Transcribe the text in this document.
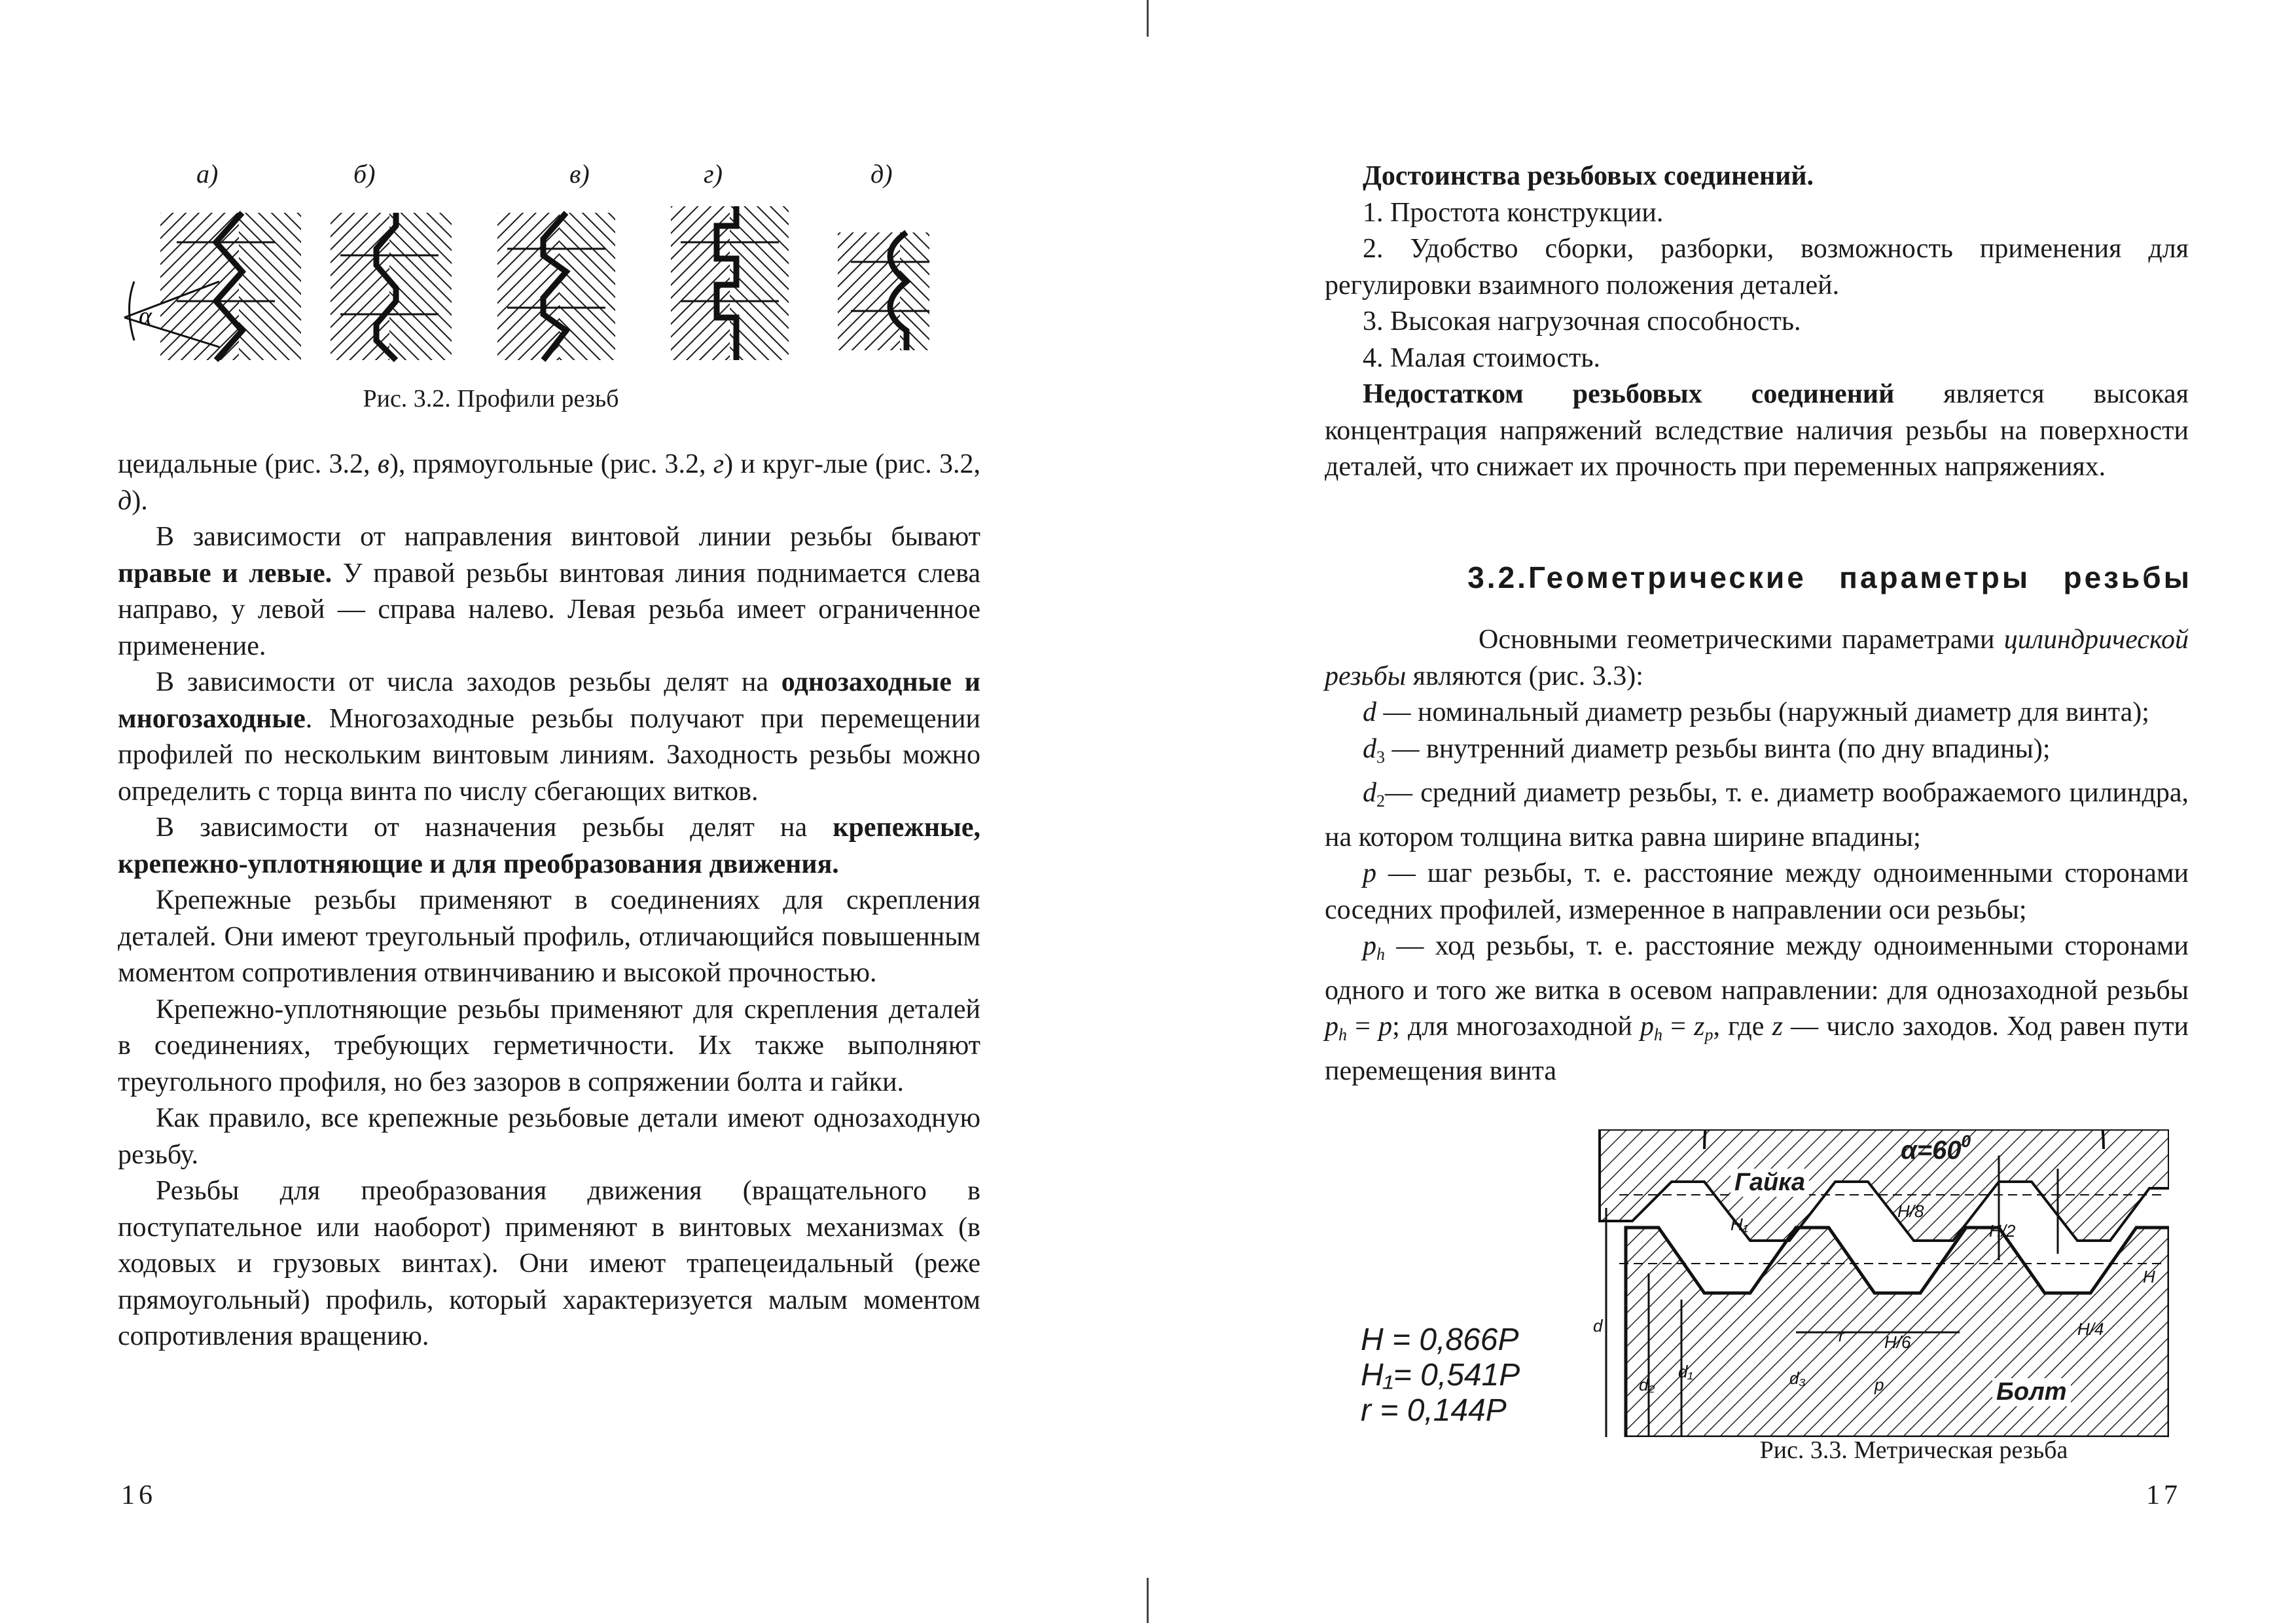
α
а)	б)	в)	г)	д)
Рис. 3.2. Профили резьб

цеидальные (рис. 3.2, в), прямоугольные (рис. 3.2, г) и круг-лые (рис. 3.2, д).

В зависимости от направления винтовой линии резьбы бывают правые и левые. У правой резьбы винтовая линия поднимается слева направо, у левой — справа налево. Левая резьба имеет ограниченное применение.

В зависимости от числа заходов резьбы делят на однозаходные и многозаходные. Многозаходные резьбы получают при перемещении профилей по нескольким винтовым линиям. Заходность резьбы можно определить с торца винта по числу сбегающих витков.

В зависимости от назначения резьбы делят на крепежные, крепежно-уплотняющие и для преобразования движения.

Крепежные резьбы применяют в соединениях для скрепления деталей. Они имеют треугольный профиль, отличающийся повышенным моментом сопротивления отвинчиванию и высокой прочностью.

Крепежно-уплотняющие резьбы применяют для скрепления деталей в соединениях, требующих герметичности. Их также выполняют треугольного профиля, но без зазоров в сопряжении болта и гайки.

Как правило, все крепежные резьбовые детали имеют однозаходную резьбу.

Резьбы для преобразования движения (вращательного в поступательное или наоборот) применяют в винтовых механизмах (в ходовых и грузовых винтах). Они имеют трапецеидальный (реже прямоугольный) профиль, который характеризуется малым моментом сопротивления вращению.

16

Достоинства резьбовых соединений.

1. Простота конструкции.

2. Удобство сборки, разборки, возможность применения для регулировки взаимного положения деталей.

3. Высокая нагрузочная способность.

4. Малая стоимость.

Недостатком резьбовых соединений является высокая концентрация напряжений вследствие наличия резьбы на поверхности деталей, что снижает их прочность при переменных напряжениях.

3.2.Геометрические   параметры   резьбы

Основными геометрическими параметрами цилиндрической резьбы являются (рис. 3.3):

d — номинальный диаметр резьбы (наружный диаметр для винта);

$d_3$ — внутренний диаметр резьбы винта (по дну впадины);

$d_2—$ средний диаметр резьбы, т. е. диаметр воображаемого цилиндра, на котором толщина витка равна ширине впадины;

p — шаг резьбы, т. е. расстояние между одноименными сторонами соседних профилей, измеренное в направлении оси резьбы;

$p_h$ — ход резьбы, т. е. расстояние между одноименными сторонами одного и того же витка в осевом направлении: для однозаходной резьбы $p_h = p$; для многозаходной $p_h = z_p$, где z — число заходов. Ход равен пути перемещения винта

$\alpha=60^0$
Гайка
Болт
H₁
H/8
H/2
H
H/4
H/6
r
p
d
d₂
d₁	d₃
H = 0,866P
H₁= 0,541P
r = 0,144P
Рис. 3.3. Метрическая резьба
17
